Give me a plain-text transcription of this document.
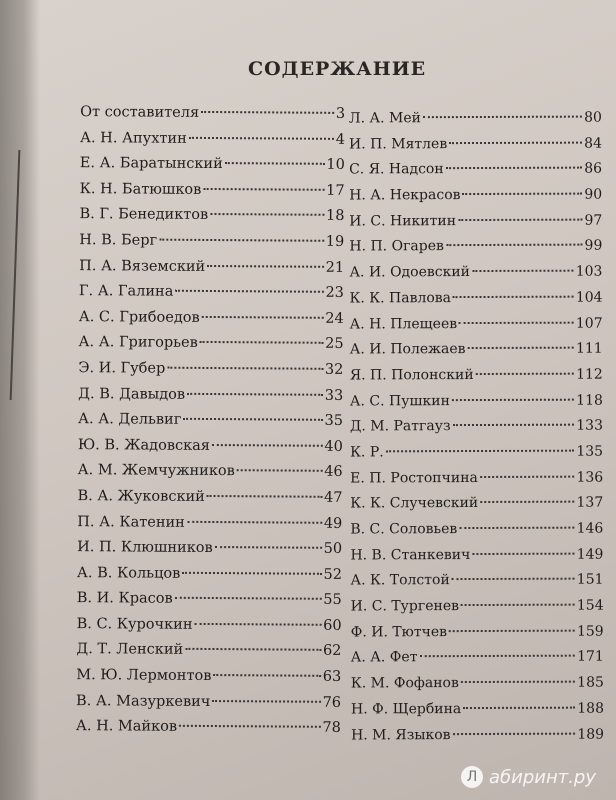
СОДЕРЖАНИЕ
От составителя	3
А. Н. Апухтин	4
Е. А. Баратынский	10
К. Н. Батюшков	17
В. Г. Бенедиктов	18
Н. В. Берг	19
П. А. Вяземский	21
Г. А. Галина	23
А. С. Грибоедов	24
А. А. Григорьев	25
Э. И. Губер	32
Д. В. Давыдов	33
А. А. Дельвиг	35
Ю. В. Жадовская	40
А. М. Жемчужников	46
В. А. Жуковский	47
П. А. Катенин	49
И. П. Клюшников	50
А. В. Кольцов	52
В. И. Красов	55
В. С. Курочкин	60
Д. Т. Ленский	62
М. Ю. Лермонтов	63
В. А. Мазуркевич	76
А. Н. Майков	78
Л. А. Мей	80
И. П. Мятлев	84
С. Я. Надсон	86
Н. А. Некрасов	90
И. С. Никитин	97
Н. П. Огарев	99
А. И. Одоевский	103
К. К. Павлова	104
А. Н. Плещеев	107
А. И. Полежаев	111
Я. П. Полонский	112
А. С. Пушкин	118
Д. М. Ратгауз	133
К. Р.	135
Е. П. Ростопчина	136
К. К. Случевский	137
В. С. Соловьев	146
Н. В. Станкевич	149
А. К. Толстой	151
И. С. Тургенев	154
Ф. И. Тютчев	159
А. А. Фет	171
К. М. Фофанов	185
Н. Ф. Щербина	188
Н. М. Языков	189
Л абиринт.ру
